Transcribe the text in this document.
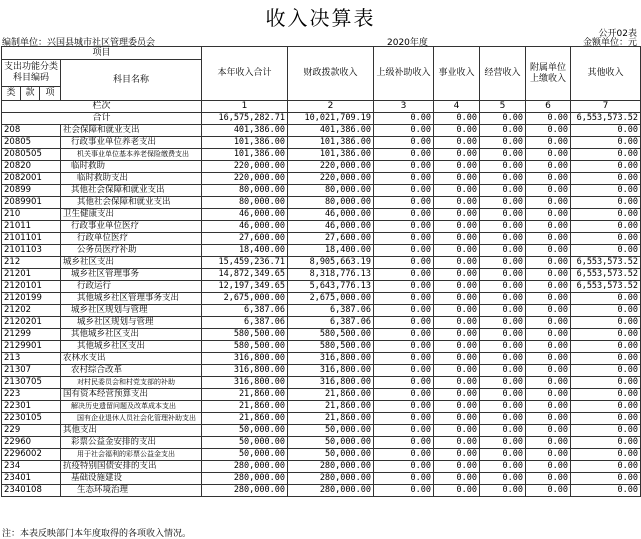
收入决算表
公开02表
编制单位：兴国县城市社区管理委员会	2020年度	金额单位：元
项目				本年收入合计	财政拨款收入	上级补助收入	事业收入	经营收入	附属单位上缴收入	其他收入
支出功能分类科目编码			科目名称							

类	款	项								
栏次				1	2	3	4	5	6	7
合计				16,575,282.71	10,021,709.19	0.00	0.00	0.00	0.00	6,553,573.52
208			社会保障和就业支出	401,386.00	401,386.00	0.00	0.00	0.00	0.00	0.00
20805			行政事业单位养老支出	101,386.00	101,386.00	0.00	0.00	0.00	0.00	0.00
2080505			机关事业单位基本养老保险缴费支出	101,386.00	101,386.00	0.00	0.00	0.00	0.00	0.00
20820			临时救助	220,000.00	220,000.00	0.00	0.00	0.00	0.00	0.00
2082001			临时救助支出	220,000.00	220,000.00	0.00	0.00	0.00	0.00	0.00
20899			其他社会保障和就业支出	80,000.00	80,000.00	0.00	0.00	0.00	0.00	0.00
2089901			其他社会保障和就业支出	80,000.00	80,000.00	0.00	0.00	0.00	0.00	0.00
210			卫生健康支出	46,000.00	46,000.00	0.00	0.00	0.00	0.00	0.00
21011			行政事业单位医疗	46,000.00	46,000.00	0.00	0.00	0.00	0.00	0.00
2101101			行政单位医疗	27,600.00	27,600.00	0.00	0.00	0.00	0.00	0.00
2101103			公务员医疗补助	18,400.00	18,400.00	0.00	0.00	0.00	0.00	0.00
212			城乡社区支出	15,459,236.71	8,905,663.19	0.00	0.00	0.00	0.00	6,553,573.52
21201			城乡社区管理事务	14,872,349.65	8,318,776.13	0.00	0.00	0.00	0.00	6,553,573.52
2120101			行政运行	12,197,349.65	5,643,776.13	0.00	0.00	0.00	0.00	6,553,573.52
2120199			其他城乡社区管理事务支出	2,675,000.00	2,675,000.00	0.00	0.00	0.00	0.00	0.00
21202			城乡社区规划与管理	6,387.06	6,387.06	0.00	0.00	0.00	0.00	0.00
2120201			城乡社区规划与管理	6,387.06	6,387.06	0.00	0.00	0.00	0.00	0.00
21299			其他城乡社区支出	580,500.00	580,500.00	0.00	0.00	0.00	0.00	0.00
2129901			其他城乡社区支出	580,500.00	580,500.00	0.00	0.00	0.00	0.00	0.00
213			农林水支出	316,800.00	316,800.00	0.00	0.00	0.00	0.00	0.00
21307			农村综合改革	316,800.00	316,800.00	0.00	0.00	0.00	0.00	0.00
2130705			对村民委员会和村党支部的补助	316,800.00	316,800.00	0.00	0.00	0.00	0.00	0.00
223			国有资本经营预算支出	21,860.00	21,860.00	0.00	0.00	0.00	0.00	0.00
22301			解决历史遗留问题及改革成本支出	21,860.00	21,860.00	0.00	0.00	0.00	0.00	0.00
2230105			国有企业退休人员社会化管理补助支出	21,860.00	21,860.00	0.00	0.00	0.00	0.00	0.00
229			其他支出	50,000.00	50,000.00	0.00	0.00	0.00	0.00	0.00
22960			彩票公益金安排的支出	50,000.00	50,000.00	0.00	0.00	0.00	0.00	0.00
2296002			用于社会福利的彩票公益金支出	50,000.00	50,000.00	0.00	0.00	0.00	0.00	0.00
234			抗疫特别国债安排的支出	280,000.00	280,000.00	0.00	0.00	0.00	0.00	0.00
23401			基础设施建设	280,000.00	280,000.00	0.00	0.00	0.00	0.00	0.00
2340108			生态环境治理	280,000.00	280,000.00	0.00	0.00	0.00	0.00	0.00
注：本表反映部门本年度取得的各项收入情况。
